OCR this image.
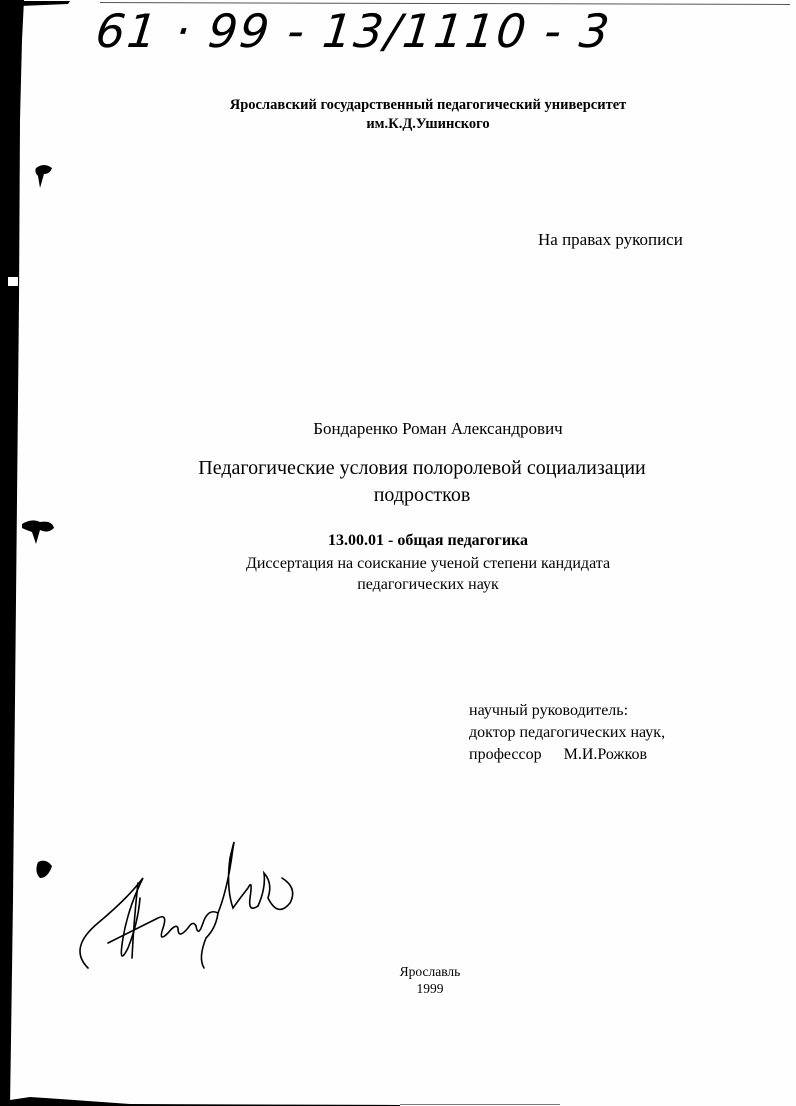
61 · 99 - 13/1110 - 3
Ярославский государственный педагогический университет
им.К.Д.Ушинского
На правах рукописи
Бондаренко Роман Александрович
Педагогические условия полоролевой социализации
подростков
13.00.01 - общая педагогика
Диссертация на соискание ученой степени кандидата
педагогических наук
научный руководитель:
доктор педагогических наук,
профессор М.И.Рожков
Ярославль
1999
